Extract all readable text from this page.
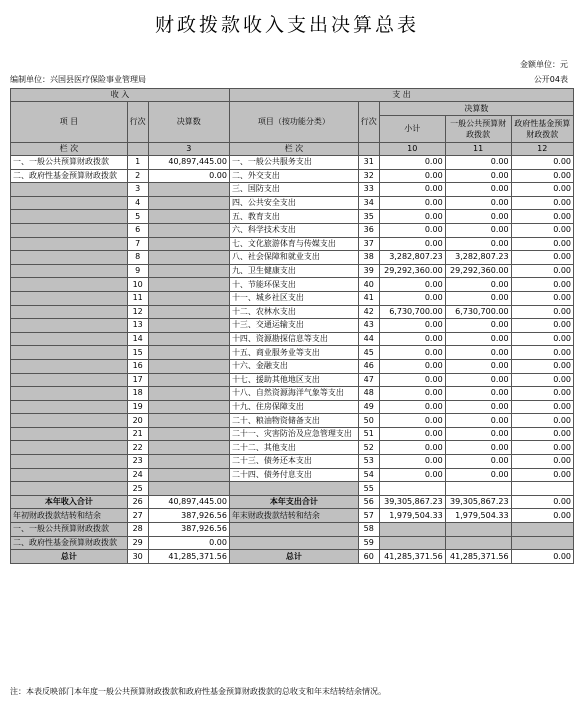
财政拨款收入支出决算总表
金额单位：元
编制单位：兴国县医疗保险事业管理局	公开04表
收 入			支 出				
项 目	行次	决算数	项目（按功能分类）	行次	决算数		
					小计	一般公共预算财政拨款	政府性基金预算财政拨款
栏 次		3	栏 次		10	11	12
一、一般公共预算财政拨款	1	40,897,445.00	一、一般公共服务支出	31	0.00	0.00	0.00
二、政府性基金预算财政拨款	2	0.00	二、外交支出	32	0.00	0.00	0.00
	3		三、国防支出	33	0.00	0.00	0.00
	4		四、公共安全支出	34	0.00	0.00	0.00
	5		五、教育支出	35	0.00	0.00	0.00
	6		六、科学技术支出	36	0.00	0.00	0.00
	7		七、文化旅游体育与传媒支出	37	0.00	0.00	0.00
	8		八、社会保障和就业支出	38	3,282,807.23	3,282,807.23	0.00
	9		九、卫生健康支出	39	29,292,360.00	29,292,360.00	0.00
	10		十、节能环保支出	40	0.00	0.00	0.00
	11		十一、城乡社区支出	41	0.00	0.00	0.00
	12		十二、农林水支出	42	6,730,700.00	6,730,700.00	0.00
	13		十三、交通运输支出	43	0.00	0.00	0.00
	14		十四、资源勘探信息等支出	44	0.00	0.00	0.00
	15		十五、商业服务业等支出	45	0.00	0.00	0.00
	16		十六、金融支出	46	0.00	0.00	0.00
	17		十七、援助其他地区支出	47	0.00	0.00	0.00
	18		十八、自然资源海洋气象等支出	48	0.00	0.00	0.00
	19		十九、住房保障支出	49	0.00	0.00	0.00
	20		二十、粮油物资储备支出	50	0.00	0.00	0.00
	21		二十一、灾害防治及应急管理支出	51	0.00	0.00	0.00
	22		二十二、其他支出	52	0.00	0.00	0.00
	23		二十三、债务还本支出	53	0.00	0.00	0.00
	24		二十四、债务付息支出	54	0.00	0.00	0.00
	25			55			
本年收入合计	26	40,897,445.00	本年支出合计	56	39,305,867.23	39,305,867.23	0.00
年初财政拨款结转和结余	27	387,926.56	年末财政拨款结转和结余	57	1,979,504.33	1,979,504.33	0.00
一、一般公共预算财政拨款	28	387,926.56		58			
二、政府性基金预算财政拨款	29	0.00		59			
总计	30	41,285,371.56	总计	60	41,285,371.56	41,285,371.56	0.00
注：本表反映部门本年度一般公共预算财政拨款和政府性基金预算财政拨款的总收支和年末结转结余情况。
